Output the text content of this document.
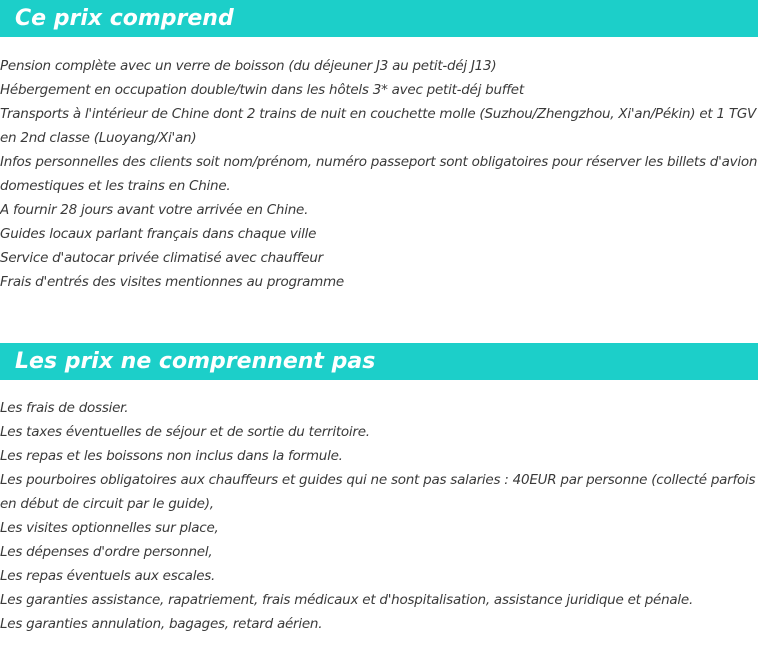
Ce prix comprend
Pension complète avec un verre de boisson (du déjeuner J3 au petit-déj J13)
Hébergement en occupation double/twin dans les hôtels 3* avec petit-déj buffet
Transports à l'intérieur de Chine dont 2 trains de nuit en couchette molle (Suzhou/Zhengzhou, Xi'an/Pékin) et 1 TGV en 2nd classe (Luoyang/Xi'an)
Infos personnelles des clients soit nom/prénom, numéro passeport sont obligatoires pour réserver les billets d'avion domestiques et les trains en Chine.
A fournir 28 jours avant votre arrivée en Chine.
Guides locaux parlant français dans chaque ville
Service d'autocar privée climatisé avec chauffeur
Frais d'entrés des visites mentionnes au programme
Les prix ne comprennent pas
Les frais de dossier.
Les taxes éventuelles de séjour et de sortie du territoire.
Les repas et les boissons non inclus dans la formule.
Les pourboires obligatoires aux chauffeurs et guides qui ne sont pas salaries : 40EUR par personne (collecté parfois en début de circuit par le guide),
Les visites optionnelles sur place,
Les dépenses d'ordre personnel,
Les repas éventuels aux escales.
Les garanties assistance, rapatriement, frais médicaux et d'hospitalisation, assistance juridique et pénale.
Les garanties annulation, bagages, retard aérien.
